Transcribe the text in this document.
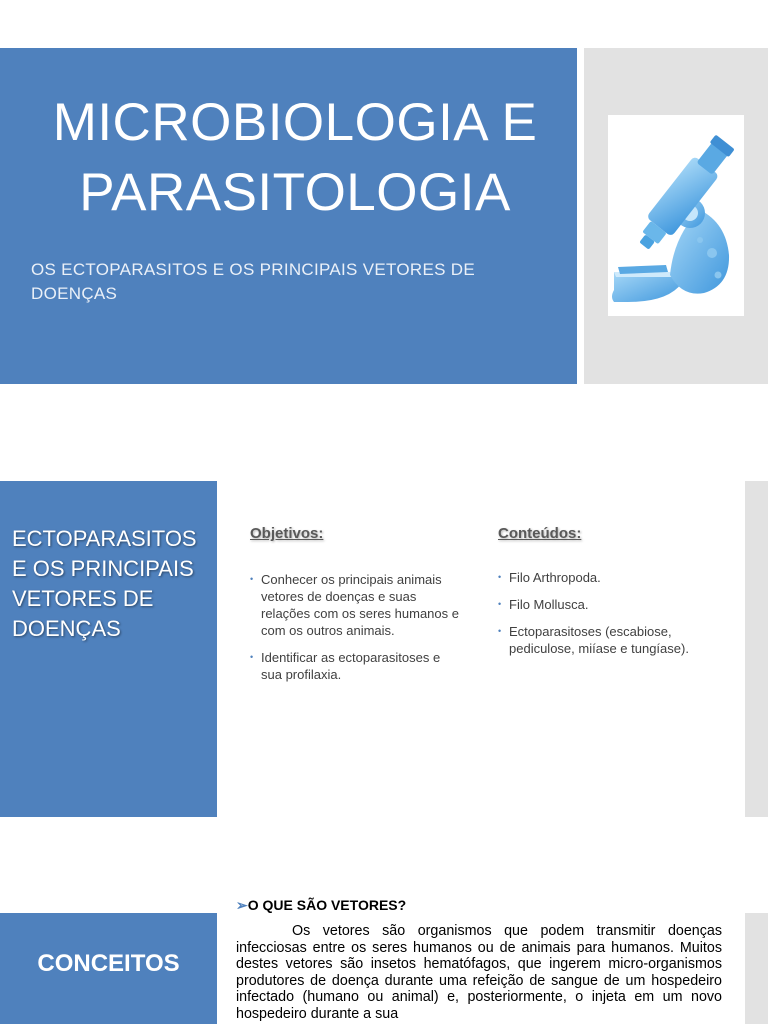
MICROBIOLOGIA E
PARASITOLOGIA
OS ECTOPARASITOS E OS PRINCIPAIS VETORES DE DOENÇAS
ECTOPARASITOS E OS PRINCIPAIS VETORES DE DOENÇAS
Objetivos:
• Conhecer os principais animais vetores de doenças e suas relações com os seres humanos e com os outros animais.
• Identificar as ectoparasitoses e sua profilaxia.
Conteúdos:
• Filo Arthropoda.
• Filo Mollusca.
• Ectoparasitoses (escabiose, pediculose, miíase e tungíase).
CONCEITOS
➢O QUE SÃO VETORES?
Os vetores são organismos que podem transmitir doenças infecciosas entre os seres humanos ou de animais para humanos. Muitos destes vetores são insetos hematófagos, que ingerem micro-organismos produtores de doença durante uma refeição de sangue de um hospedeiro infectado (humano ou animal) e, posteriormente, o injeta em um novo hospedeiro durante a sua
